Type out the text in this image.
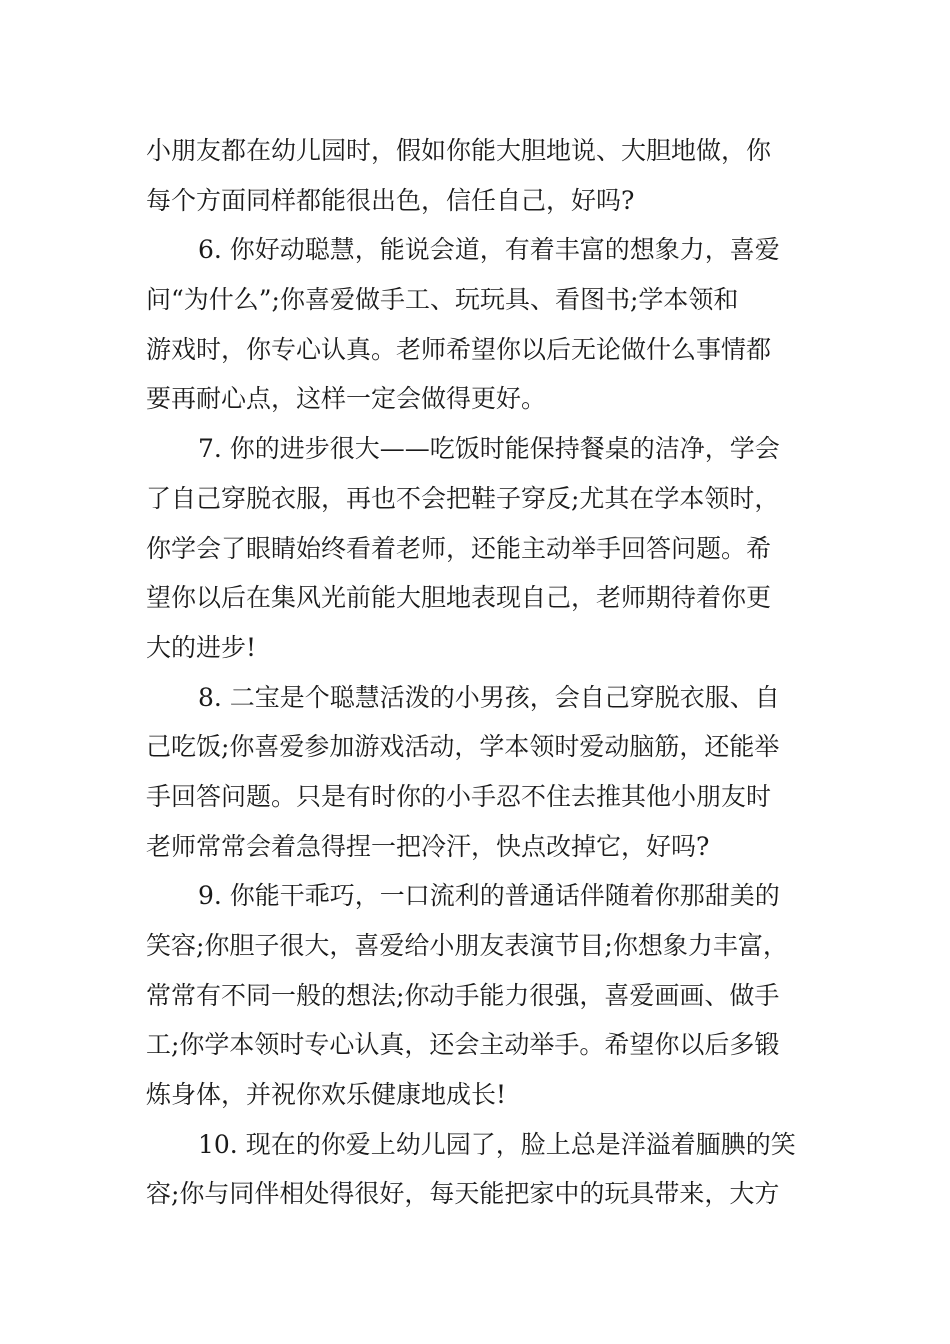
小朋友都在幼儿园时，假如你能大胆地说、大胆地做，你
每个方面同样都能很出色，信任自己，好吗?
6. 你好动聪慧，能说会道，有着丰富的想象力，喜爱
问“为什么”;你喜爱做手工、玩玩具、看图书;学本领和
游戏时，你专心认真。老师希望你以后无论做什么事情都
要再耐心点，这样一定会做得更好。
7. 你的进步很大——吃饭时能保持餐桌的洁净，学会
了自己穿脱衣服，再也不会把鞋子穿反;尤其在学本领时，
你学会了眼睛始终看着老师，还能主动举手回答问题。希
望你以后在集风光前能大胆地表现自己，老师期待着你更
大的进步!
8. 二宝是个聪慧活泼的小男孩，会自己穿脱衣服、自
己吃饭;你喜爱参加游戏活动，学本领时爱动脑筋，还能举
手回答问题。只是有时你的小手忍不住去推其他小朋友时
老师常常会着急得捏一把冷汗，快点改掉它，好吗?
9. 你能干乖巧，一口流利的普通话伴随着你那甜美的
笑容;你胆子很大，喜爱给小朋友表演节目;你想象力丰富，
常常有不同一般的想法;你动手能力很强，喜爱画画、做手
工;你学本领时专心认真，还会主动举手。希望你以后多锻
炼身体，并祝你欢乐健康地成长!
10. 现在的你爱上幼儿园了，脸上总是洋溢着腼腆的笑
容;你与同伴相处得很好，每天能把家中的玩具带来，大方
